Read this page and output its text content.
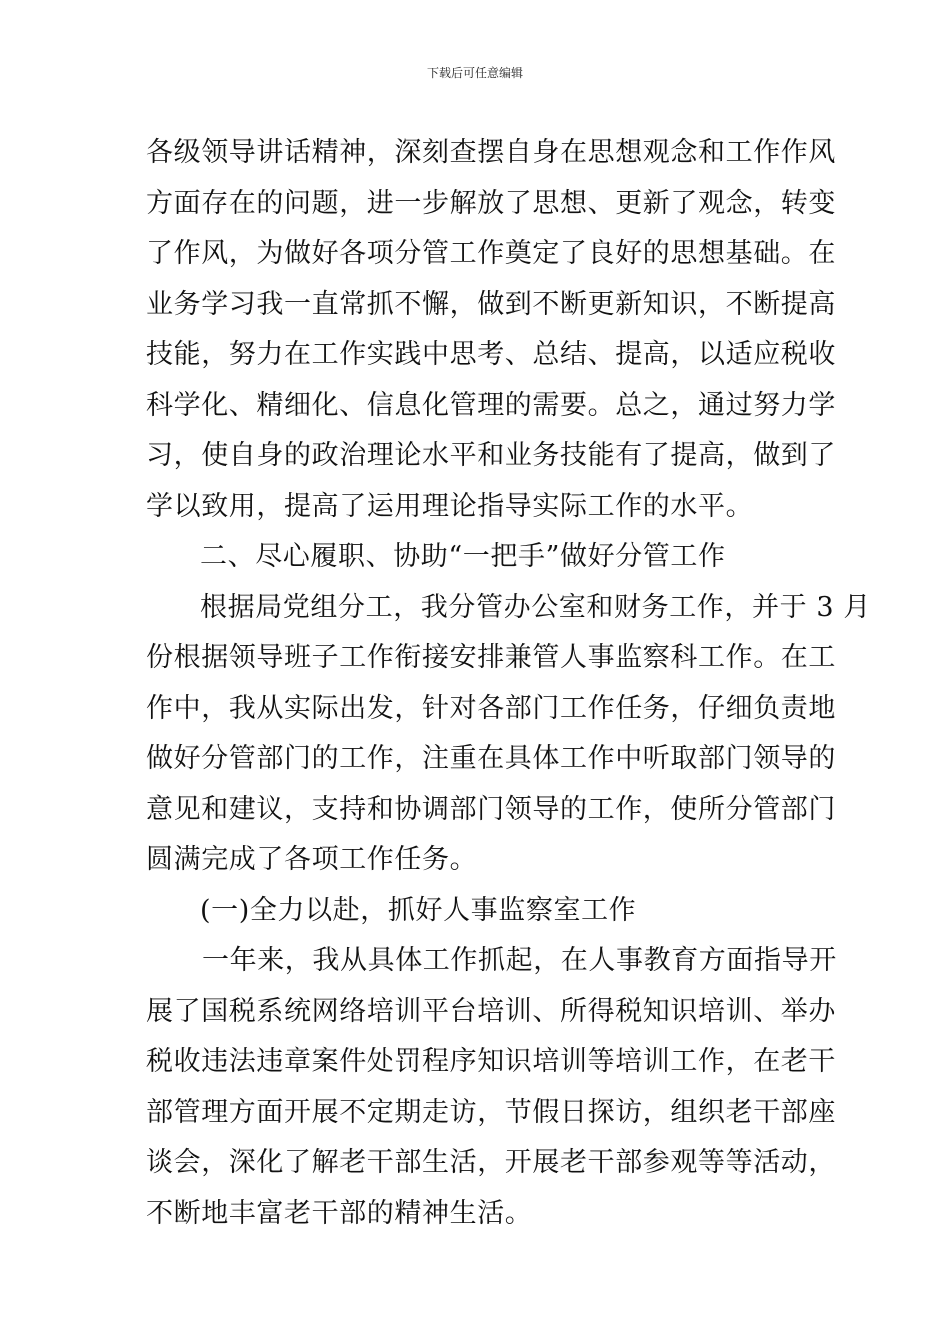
下载后可任意编辑
各级领导讲话精神，深刻查摆自身在思想观念和工作作风
方面存在的问题，进一步解放了思想、更新了观念，转变
了作风，为做好各项分管工作奠定了良好的思想基础。在
业务学习我一直常抓不懈，做到不断更新知识，不断提高
技能，努力在工作实践中思考、总结、提高，以适应税收
科学化、精细化、信息化管理的需要。总之，通过努力学
习，使自身的政治理论水平和业务技能有了提高，做到了
学以致用，提高了运用理论指导实际工作的水平。
二、尽心履职、协助“一把手”做好分管工作
根据局党组分工，我分管办公室和财务工作，并于 3 月
份根据领导班子工作衔接安排兼管人事监察科工作。在工
作中，我从实际出发，针对各部门工作任务，仔细负责地
做好分管部门的工作，注重在具体工作中听取部门领导的
意见和建议，支持和协调部门领导的工作，使所分管部门
圆满完成了各项工作任务。
(一)全力以赴，抓好人事监察室工作
一年来，我从具体工作抓起，在人事教育方面指导开
展了国税系统网络培训平台培训、所得税知识培训、举办
税收违法违章案件处罚程序知识培训等培训工作，在老干
部管理方面开展不定期走访，节假日探访，组织老干部座
谈会，深化了解老干部生活，开展老干部参观等等活动，
不断地丰富老干部的精神生活。
